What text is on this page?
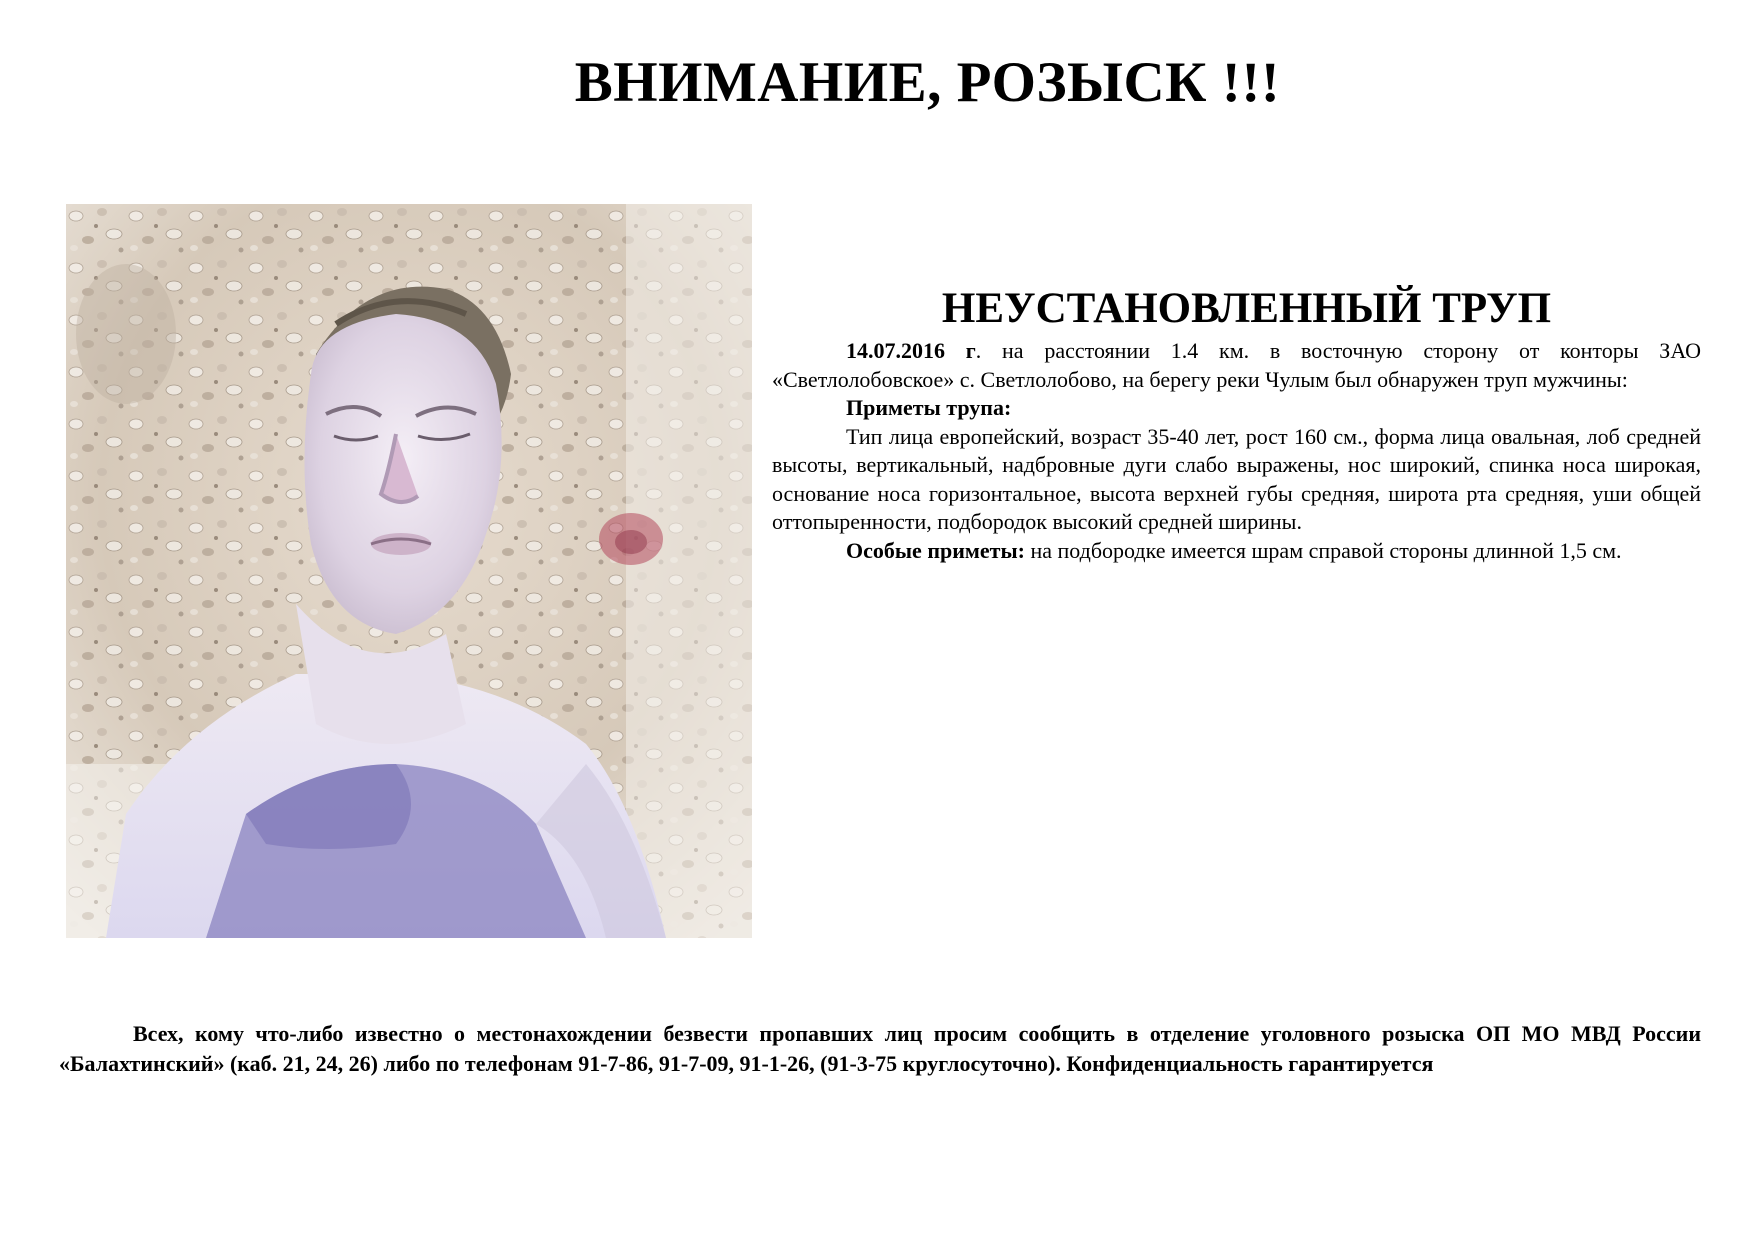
ВНИМАНИЕ, РОЗЫСК !!!
НЕУСТАНОВЛЕННЫЙ ТРУП

14.07.2016 г. на расстоянии 1.4 км. в восточную сторону от конторы ЗАО «Светлолобовское» с. Светлолобово, на берегу реки Чулым был обнаружен труп мужчины:

Приметы трупа:

Тип лица европейский, возраст 35-40 лет, рост 160 см., форма лица овальная, лоб средней высоты, вертикальный, надбровные дуги слабо выражены, нос широкий, спинка носа широкая, основание носа горизонтальное, высота верхней губы средняя, широта рта средняя, уши общей оттопыренности, подбородок высокий средней ширины.

Особые приметы: на подбородке имеется шрам справой стороны длинной 1,5 см.

Всех, кому что-либо известно о местонахождении безвести пропавших лиц просим сообщить в отделение уголовного розыска ОП МО МВД России «Балахтинский» (каб. 21, 24, 26) либо по телефонам 91-7-86, 91-7-09, 91-1-26, (91-3-75 круглосуточно). Конфиденциальность гарантируется
